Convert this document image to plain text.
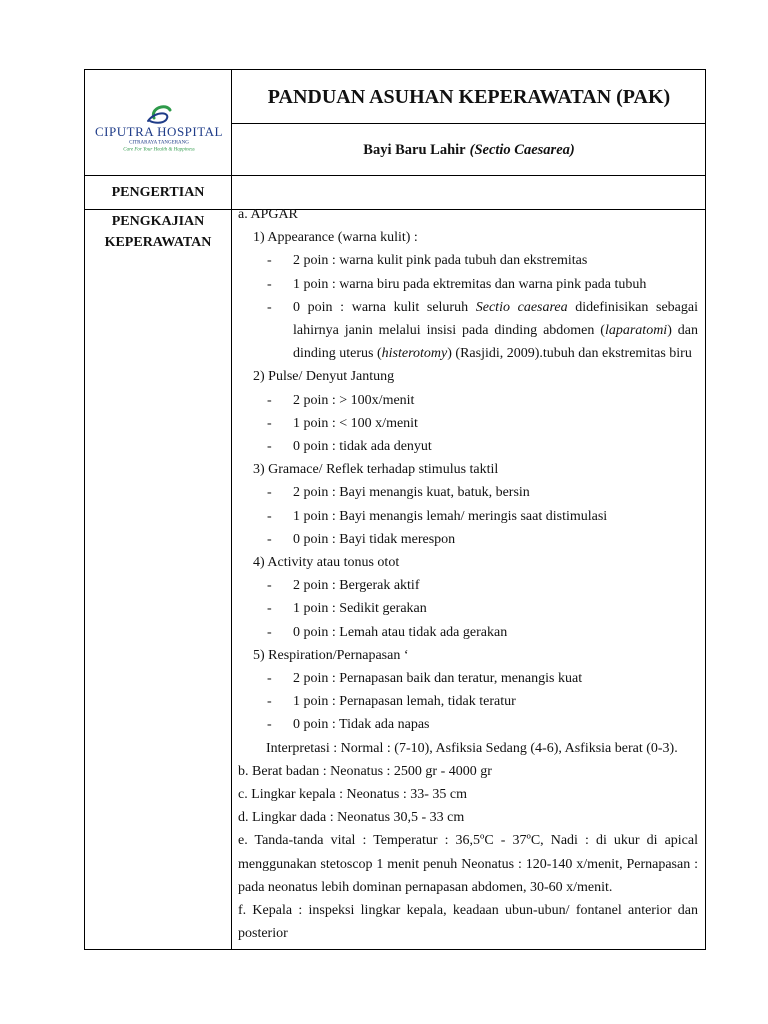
CIPUTRA HOSPITAL
CITRARAYA TANGERANG
Care For Your Health & Happiness
PANDUAN ASUHAN KEPERAWATAN (PAK)
Bayi Baru Lahir (Sectio Caesarea)
PENGERTIAN
PENGKAJIAN
KEPERAWATAN

a. APGAR

1) Appearance (warna kulit) :

-	2 poin : warna kulit pink pada tubuh dan ekstremitas
-	1 poin : warna biru pada ektremitas dan warna pink pada tubuh
-	0 poin : warna kulit seluruh Sectio caesarea didefinisikan sebagai lahirnya janin melalui insisi pada dinding abdomen (laparatomi) dan dinding uterus (histerotomy) (Rasjidi, 2009).tubuh dan ekstremitas biru

2) Pulse/ Denyut Jantung

-	2 poin : > 100x/menit
-	1 poin : < 100 x/menit
-	0 poin : tidak ada denyut

3) Gramace/ Reflek terhadap stimulus taktil

-	2 poin : Bayi menangis kuat, batuk, bersin
-	1 poin : Bayi menangis lemah/ meringis saat distimulasi
-	0 poin : Bayi tidak merespon

4) Activity atau tonus otot

-	2 poin : Bergerak aktif
-	1 poin : Sedikit gerakan
-	0 poin : Lemah atau tidak ada gerakan

5) Respiration/Pernapasan ‘

-	2 poin : Pernapasan baik dan teratur, menangis kuat
-	1 poin : Pernapasan lemah, tidak teratur
-	0 poin : Tidak ada napas

Interpretasi : Normal : (7-10), Asfiksia Sedang (4-6), Asfiksia berat (0-3).

b. Berat badan : Neonatus : 2500 gr - 4000 gr

c. Lingkar kepala : Neonatus : 33- 35 cm

d. Lingkar dada : Neonatus 30,5 - 33 cm

e. Tanda-tanda vital : Temperatur : 36,5ºC - 37ºC, Nadi : di ukur di apical menggunakan stetoscop 1 menit penuh Neonatus : 120-140 x/menit, Pernapasan : pada neonatus lebih dominan pernapasan abdomen, 30-60 x/menit.

f. Kepala : inspeksi lingkar kepala, keadaan ubun-ubun/ fontanel anterior dan posterior
